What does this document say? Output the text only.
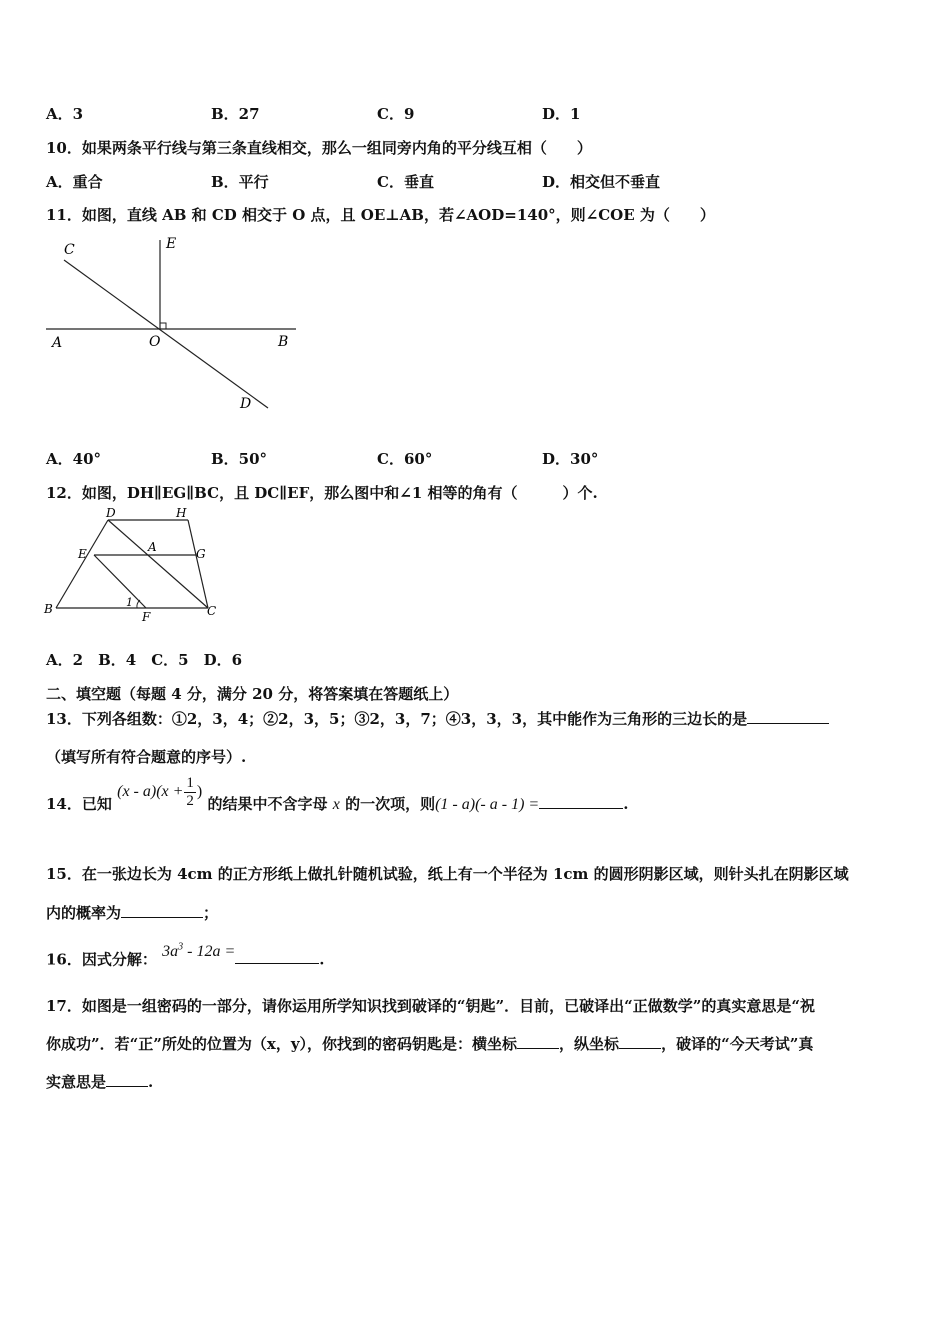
A．3	B．27	C．9	D．1
10．如果两条平行线与第三条直线相交，那么一组同旁内角的平分线互相（　　）
A．重合	B．平行	C．垂直	D．相交但不垂直
11．如图，直线 AB 和 CD 相交于 O 点，且 OE⊥AB，若∠AOD=140°，则∠COE 为（　　）
C	E
A	O	B
D
A．40°	B．50°	C．60°	D．30°
12．如图，DH∥EG∥BC，且 DC∥EF，那么图中和∠1 相等的角有（　　　）个.
D	H
E	A	G
B	1
F	C
A．2　B．4　C．5　D．6
二、填空题（每题 4 分，满分 20 分，将答案填在答题纸上）
13．下列各组数：①2，3，4；②2，3，5；③2，3，7；④3，3，3，其中能作为三角形的三边长的是
（填写所有符合题意的序号）.
14．已知 $(x - a)(x + \frac{1}{2}$ ) 的结果中不含字母 x 的一次项，则(1 - a)(- a - 1) =	.
15．在一张边长为 4cm 的正方形纸上做扎针随机试验，纸上有一个半径为 1cm 的圆形阴影区域，则针头扎在阴影区域
内的概率为	；
16．因式分解： $3a^3 - 12a$ =	.
17．如图是一组密码的一部分，请你运用所学知识找到破译的“钥匙”．目前，已破译出“正做数学”的真实意思是“祝
你成功”．若“正”所处的位置为（x，y），你找到的密码钥匙是：横坐标	，纵坐标	，破译的“今天考试”真
实意思是	.
